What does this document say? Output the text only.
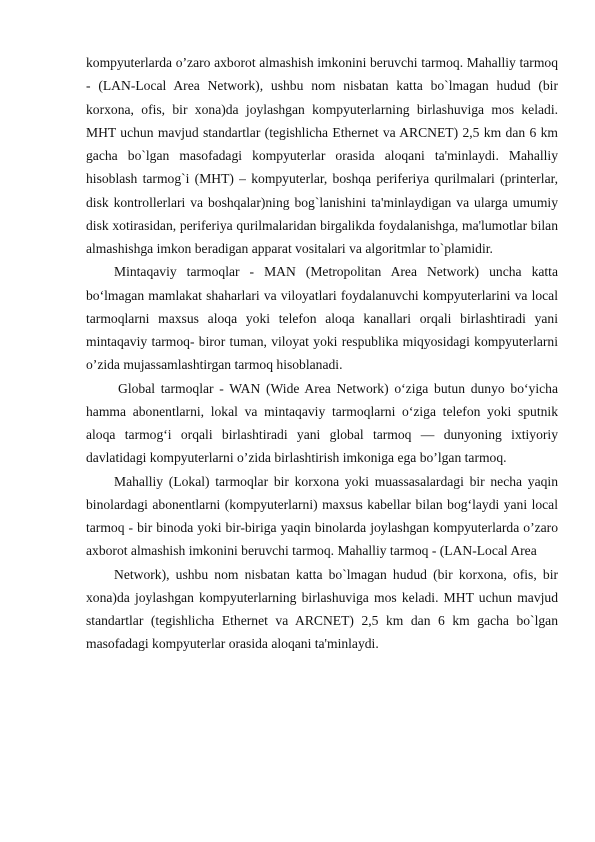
kompyuterlarda o’zaro axborot almashish imkonini beruvchi tarmoq. Mahalliy tarmoq - (LAN-Local Area Network), ushbu nom nisbatan katta bo`lmagan hudud (bir korxona, ofis, bir xona)da joylashgan kompyuterlarning birlashuviga mos keladi. MHT uchun mavjud standartlar (tegishlicha Ethernet va ARCNET) 2,5 km dan 6 km gacha bo`lgan masofadagi kompyuterlar orasida aloqani ta'minlaydi. Mahalliy hisoblash tarmog`i (MHT) – kompyuterlar, boshqa periferiya qurilmalari (printerlar, disk kontrollerlari va boshqalar)ning bog`lanishini ta'minlaydigan va ularga umumiy disk xotirasidan, periferiya qurilmalaridan birgalikda foydalanishga, ma'lumotlar bilan almashishga imkon beradigan apparat vositalari va algoritmlar to`plamidir.

Mintaqaviy tarmoqlar - MAN (Metropolitan Area Network) uncha katta bo‘lmagan mamlakat shaharlari va viloyatlari foydalanuvchi kompyuterlarini va local tarmoqlarni maxsus aloqa yoki telefon aloqa kanallari orqali birlashtiradi yani mintaqaviy tarmoq- biror tuman, viloyat yoki respublika miqyosidagi kompyuterlarni o’zida mujassamlashtirgan tarmoq hisoblanadi.

Global tarmoqlar - WAN (Wide Area Network) o‘ziga butun dunyo bo‘yicha hamma abonentlarni, lokal va mintaqaviy tarmoqlarni o‘ziga telefon yoki sputnik aloqa tarmog‘i orqali birlashtiradi yani global tarmoq — dunyoning ixtiyoriy davlatidagi kompyuterlarni o’zida birlashtirish imkoniga ega bo’lgan tarmoq.

Mahalliy (Lokal) tarmoqlar bir korxona yoki muassasalardagi bir necha yaqin binolardagi abonentlarni (kompyuterlarni) maxsus kabellar bilan bog‘laydi yani local tarmoq - bir binoda yoki bir-biriga yaqin binolarda joylashgan kompyuterlarda o’zaro axborot almashish imkonini beruvchi tarmoq. Mahalliy tarmoq - (LAN-Local Area

Network), ushbu nom nisbatan katta bo`lmagan hudud (bir korxona, ofis, bir xona)da joylashgan kompyuterlarning birlashuviga mos keladi. MHT uchun mavjud standartlar (tegishlicha Ethernet va ARCNET) 2,5 km dan 6 km gacha bo`lgan masofadagi kompyuterlar orasida aloqani ta'minlaydi.
